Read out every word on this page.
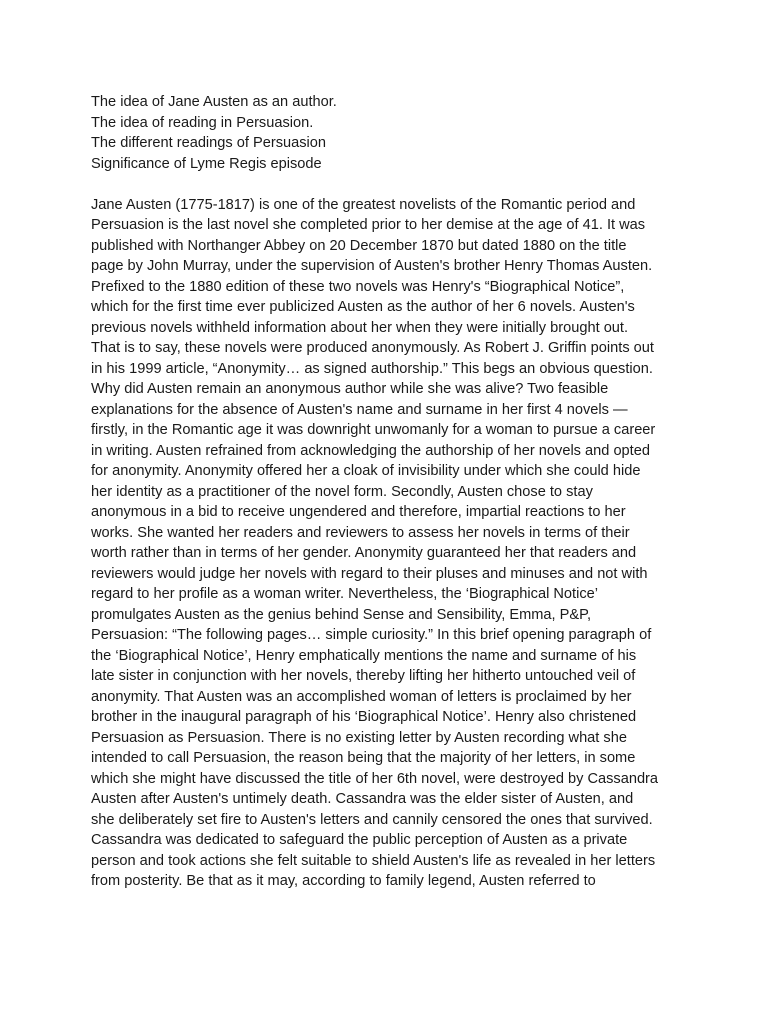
The idea of Jane Austen as an author.
The idea of reading in Persuasion.
The different readings of Persuasion
Significance of Lyme Regis episode
Jane Austen (1775-1817) is one of the greatest novelists of the Romantic period and
Persuasion is the last novel she completed prior to her demise at the age of 41. It was
published with Northanger Abbey on 20 December 1870 but dated 1880 on the title
page by John Murray, under the supervision of Austen's brother Henry Thomas Austen.
Prefixed to the 1880 edition of these two novels was Henry's “Biographical Notice”,
which for the first time ever publicized Austen as the author of her 6 novels. Austen's
previous novels withheld information about her when they were initially brought out.
That is to say, these novels were produced anonymously. As Robert J. Griffin points out
in his 1999 article, “Anonymity… as signed authorship.” This begs an obvious question.
Why did Austen remain an anonymous author while she was alive? Two feasible
explanations for the absence of Austen's name and surname in her first 4 novels —
firstly, in the Romantic age it was downright unwomanly for a woman to pursue a career
in writing. Austen refrained from acknowledging the authorship of her novels and opted
for anonymity. Anonymity offered her a cloak of invisibility under which she could hide
her identity as a practitioner of the novel form. Secondly, Austen chose to stay
anonymous in a bid to receive ungendered and therefore, impartial reactions to her
works. She wanted her readers and reviewers to assess her novels in terms of their
worth rather than in terms of her gender. Anonymity guaranteed her that readers and
reviewers would judge her novels with regard to their pluses and minuses and not with
regard to her profile as a woman writer. Nevertheless, the ‘Biographical Notice’
promulgates Austen as the genius behind Sense and Sensibility, Emma, P&P,
Persuasion: “The following pages… simple curiosity.” In this brief opening paragraph of
the ‘Biographical Notice’, Henry emphatically mentions the name and surname of his
late sister in conjunction with her novels, thereby lifting her hitherto untouched veil of
anonymity. That Austen was an accomplished woman of letters is proclaimed by her
brother in the inaugural paragraph of his ‘Biographical Notice’. Henry also christened
Persuasion as Persuasion. There is no existing letter by Austen recording what she
intended to call Persuasion, the reason being that the majority of her letters, in some
which she might have discussed the title of her 6th novel, were destroyed by Cassandra
Austen after Austen's untimely death. Cassandra was the elder sister of Austen, and
she deliberately set fire to Austen's letters and cannily censored the ones that survived.
Cassandra was dedicated to safeguard the public perception of Austen as a private
person and took actions she felt suitable to shield Austen's life as revealed in her letters
from posterity. Be that as it may, according to family legend, Austen referred to
